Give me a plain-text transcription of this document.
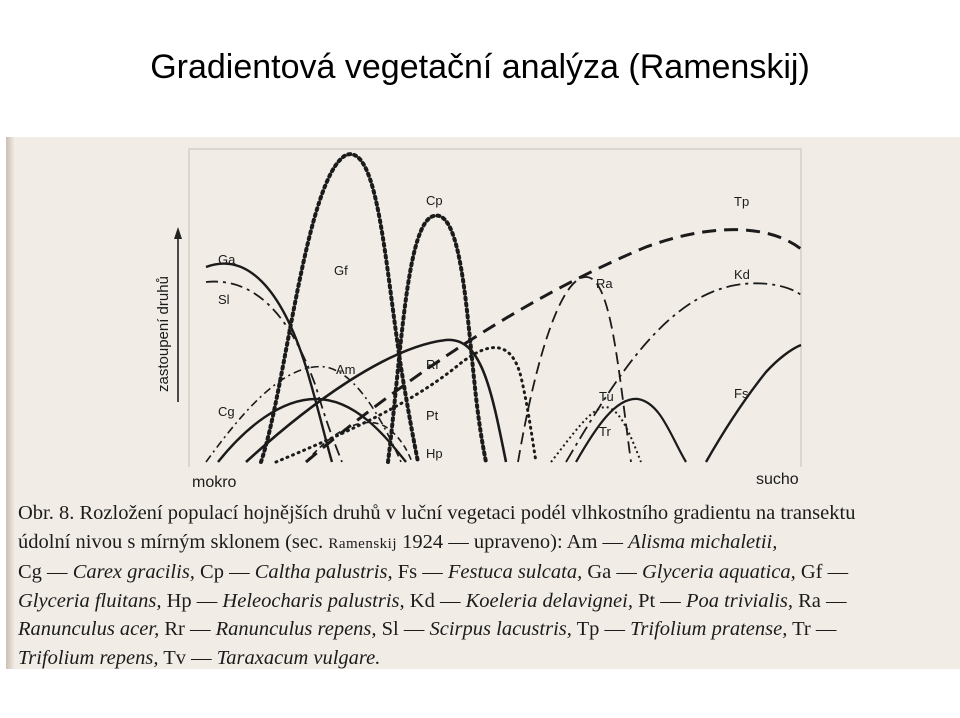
Gradientová vegetační analýza (Ramenskij)
zastoupení druhů
Ga
Sl
Gf
Cp	Tp
Kd
Ra
Am	Rr
Pt
Hp
Cg
Tu
Tr
Fs
mokro	sucho

Obr. 8. Rozložení populací hojnějších druhů v luční vegetaci podél vlhkostního gradientu na transektu

údolní nivou s mírným sklonem (sec. Ramenskij 1924 — upraveno): Am — Alisma michaletii,

Cg — Carex gracilis, Cp — Caltha palustris, Fs — Festuca sulcata, Ga — Glyceria aquatica, Gf —

Glyceria fluitans, Hp — Heleocharis palustris, Kd — Koeleria delavignei, Pt — Poa trivialis, Ra —

Ranunculus acer, Rr — Ranunculus repens, Sl — Scirpus lacustris, Tp — Trifolium pratense, Tr —

Trifolium repens, Tv — Taraxacum vulgare.
